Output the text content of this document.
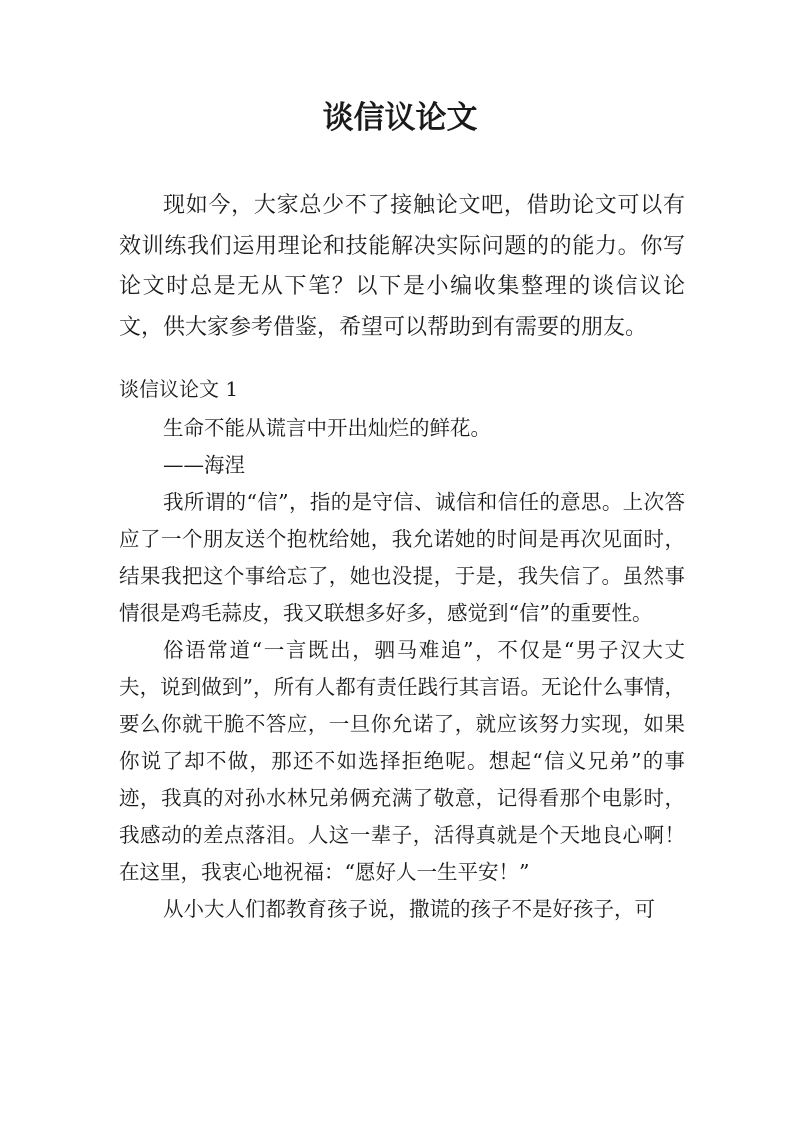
谈信议论文

现如今，大家总少不了接触论文吧，借助论文可以有效训练我们运用理论和技能解决实际问题的的能力。你写论文时总是无从下笔？以下是小编收集整理的谈信议论文，供大家参考借鉴，希望可以帮助到有需要的朋友。

谈信议论文 1

生命不能从谎言中开出灿烂的鲜花。

——海涅

我所谓的“信”，指的是守信、诚信和信任的意思。上次答应了一个朋友送个抱枕给她，我允诺她的时间是再次见面时，结果我把这个事给忘了，她也没提，于是，我失信了。虽然事情很是鸡毛蒜皮，我又联想多好多，感觉到“信”的重要性。

俗语常道“一言既出，驷马难追”，不仅是“男子汉大丈夫，说到做到”，所有人都有责任践行其言语。无论什么事情，要么你就干脆不答应，一旦你允诺了，就应该努力实现，如果你说了却不做，那还不如选择拒绝呢。想起“信义兄弟”的事迹，我真的对孙水林兄弟俩充满了敬意，记得看那个电影时，我感动的差点落泪。人这一辈子，活得真就是个天地良心啊！在这里，我衷心地祝福：“愿好人一生平安！”

从小大人们都教育孩子说，撒谎的孩子不是好孩子，可
